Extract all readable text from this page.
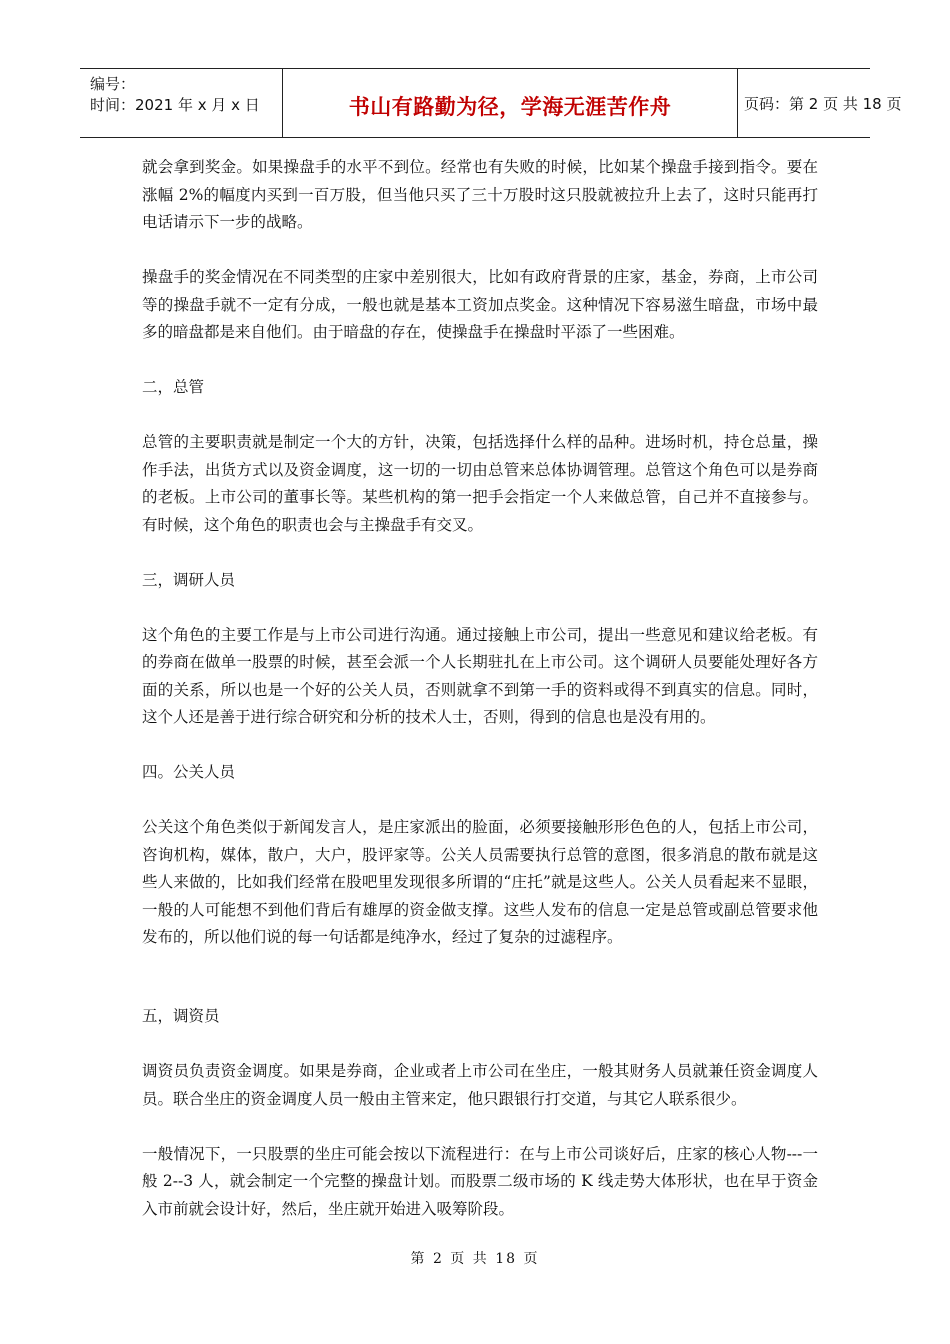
编号：
时间：2021 年 x 月 x 日	书山有路勤为径，学海无涯苦作舟	页码：第 2 页 共 18 页

就会拿到奖金。如果操盘手的水平不到位。经常也有失败的时候，比如某个操盘手接到指令。要在涨幅 2%的幅度内买到一百万股，但当他只买了三十万股时这只股就被拉升上去了，这时只能再打电话请示下一步的战略。

操盘手的奖金情况在不同类型的庄家中差别很大，比如有政府背景的庄家，基金，券商，上市公司等的操盘手就不一定有分成，一般也就是基本工资加点奖金。这种情况下容易滋生暗盘，市场中最多的暗盘都是来自他们。由于暗盘的存在，使操盘手在操盘时平添了一些困难。

二，总管

总管的主要职责就是制定一个大的方针，决策，包括选择什么样的品种。进场时机，持仓总量，操作手法，出货方式以及资金调度，这一切的一切由总管来总体协调管理。总管这个角色可以是券商的老板。上市公司的董事长等。某些机构的第一把手会指定一个人来做总管，自己并不直接参与。有时候，这个角色的职责也会与主操盘手有交叉。

三，调研人员

这个角色的主要工作是与上市公司进行沟通。通过接触上市公司，提出一些意见和建议给老板。有的券商在做单一股票的时候，甚至会派一个人长期驻扎在上市公司。这个调研人员要能处理好各方面的关系，所以也是一个好的公关人员，否则就拿不到第一手的资料或得不到真实的信息。同时，这个人还是善于进行综合研究和分析的技术人士，否则，得到的信息也是没有用的。

四。公关人员

公关这个角色类似于新闻发言人，是庄家派出的脸面，必须要接触形形色色的人，包括上市公司，咨询机构，媒体，散户，大户，股评家等。公关人员需要执行总管的意图，很多消息的散布就是这些人来做的，比如我们经常在股吧里发现很多所谓的“庄托”就是这些人。公关人员看起来不显眼，一般的人可能想不到他们背后有雄厚的资金做支撑。这些人发布的信息一定是总管或副总管要求他发布的，所以他们说的每一句话都是纯净水，经过了复杂的过滤程序。

五，调资员

调资员负责资金调度。如果是券商，企业或者上市公司在坐庄，一般其财务人员就兼任资金调度人员。联合坐庄的资金调度人员一般由主管来定，他只跟银行打交道，与其它人联系很少。

一般情况下，一只股票的坐庄可能会按以下流程进行：在与上市公司谈好后，庄家的核心人物---一般 2--3 人，就会制定一个完整的操盘计划。而股票二级市场的 K 线走势大体形状，也在早于资金入市前就会设计好，然后，坐庄就开始进入吸筹阶段。

第 2 页 共 18 页
